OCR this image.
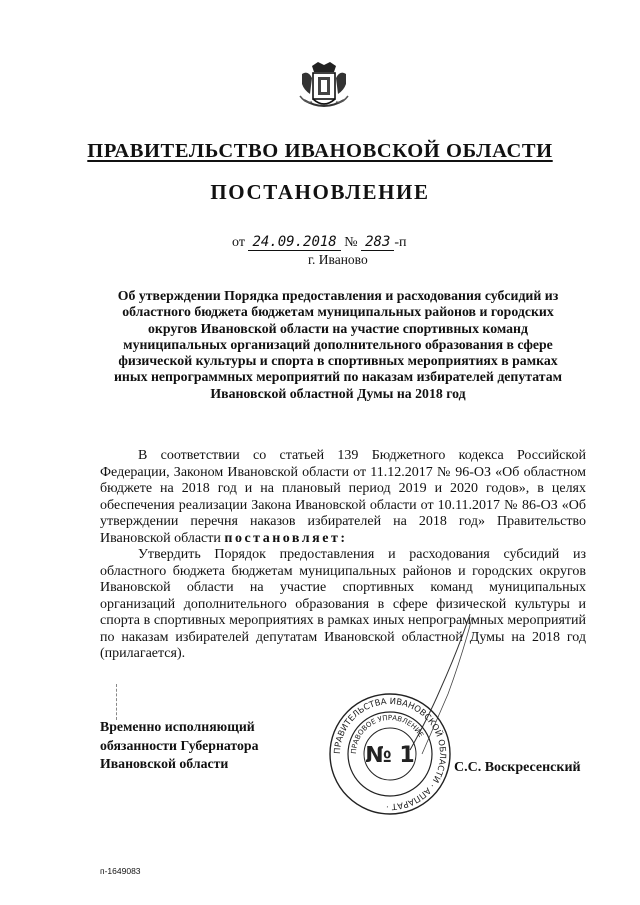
ПРАВИТЕЛЬСТВО ИВАНОВСКОЙ ОБЛАСТИ
ПОСТАНОВЛЕНИЕ
от 24.09.2018 № 283 -п
г. Иваново
Об утверждении Порядка предоставления и расходования субсидий из областного бюджета бюджетам муниципальных районов и городских округов Ивановской области на участие спортивных команд муниципальных организаций дополнительного образования в сфере физической культуры и спорта в спортивных мероприятиях в рамках иных непрограммных мероприятий по наказам избирателей депутатам Ивановской областной Думы на 2018 год

В соответствии со статьей 139 Бюджетного кодекса Российской Федерации, Законом Ивановской области от 11.12.2017 № 96-ОЗ «Об областном бюджете на 2018 год и на плановый период 2019 и 2020 годов», в целях обеспечения реализации Закона Ивановской области от 10.11.2017 № 86-ОЗ «Об утверждении перечня наказов избирателей на 2018 год» Правительство Ивановской области постановляет:

Утвердить Порядок предоставления и расходования субсидий из областного бюджета бюджетам муниципальных районов и городских округов Ивановской области на участие спортивных команд муниципальных организаций дополнительного образования в сфере физической культуры и спорта в спортивных мероприятиях в рамках иных непрограммных мероприятий по наказам избирателей депутатам Ивановской областной Думы на 2018 год (прилагается).

ПРАВИТЕЛЬСТВА ИВАНОВСКОЙ ОБЛАСТИ · АППАРАТ ·
ПРАВОВОЕ УПРАВЛЕНИЕ
№ 1
Временно исполняющий
обязанности Губернатора
Ивановской области	С.С. Воскресенский
п-1649083
